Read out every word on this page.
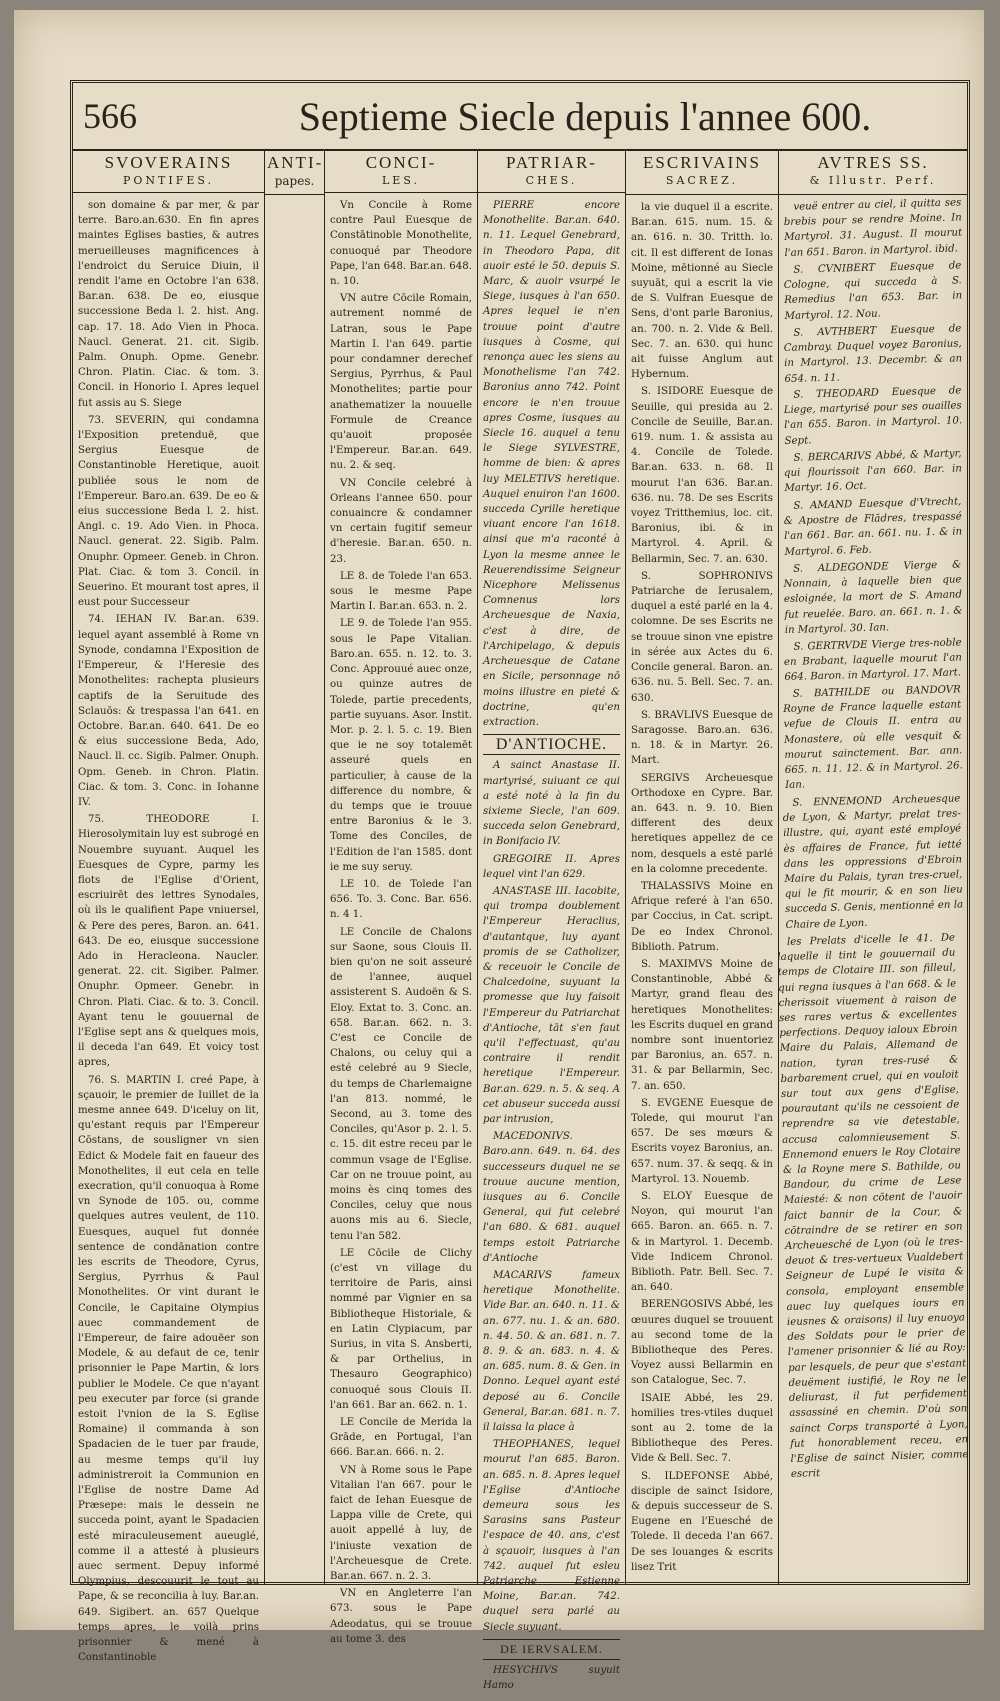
566	Septieme Siecle depuis l'annee 600.
SVOVERAINS
PONTIFES.

son domaine & par mer, & par terre. Baro.an.630. En fin apres maintes Eglises basties, & autres merueilleuses magnificences à l'endroict du Seruice Diuin, il rendit l'ame en Octobre l'an 638. Bar.an. 638. De eo, eiusque successione Beda l. 2. hist. Ang. cap. 17. 18. Ado Vien in Phoca. Naucl. Generat. 21. cit. Sigib. Palm. Onuph. Opme. Genebr. Chron. Platin. Ciac. & tom. 3. Concil. in Honorio I. Apres lequel fut assis au S. Siege

73. SEVERIN, qui condamna l'Exposition pretenduë, que Sergius Euesque de Constantinoble Heretique, auoit publiée sous le nom de l'Empereur. Baro.an. 639. De eo & eius successione Beda l. 2. hist. Angl. c. 19. Ado Vien. in Phoca. Naucl. generat. 22. Sigib. Palm. Onuphr. Opmeer. Geneb. in Chron. Plat. Ciac. & tom 3. Concil. in Seuerino. Et mourant tost apres, il eust pour Successeur

74. IEHAN IV. Bar.an. 639. lequel ayant assemblé à Rome vn Synode, condamna l'Exposition de l'Empereur, & l'Heresie des Monothelites: rachepta plusieurs captifs de la Seruitude des Sclauōs: & trespassa l'an 641. en Octobre. Bar.an. 640. 641. De eo & eius successione Beda, Ado, Naucl. ll. cc. Sigib. Palmer. Onuph. Opm. Geneb. in Chron. Platin. Ciac. & tom. 3. Conc. in Iohanne IV.

75. THEODORE I. Hierosolymitain luy est subrogé en Nouembre suyuant. Auquel les Euesques de Cypre, parmy les flots de l'Eglise d'Orient, escriuirēt des lettres Synodales, où ils le qualifient Pape vniuersel, & Pere des peres, Baron. an. 641. 643. De eo, eiusque successione Ado in Heracleona. Naucler. generat. 22. cit. Sigiber. Palmer. Onuphr. Opmeer. Genebr. in Chron. Plati. Ciac. & to. 3. Concil. Ayant tenu le gouuernal de l'Eglise sept ans & quelques mois, il deceda l'an 649. Et voicy tost apres,

76. S. MARTIN I. creé Pape, à sçauoir, le premier de Iuillet de la mesme annee 649. D'iceluy on lit, qu'estant requis par l'Empereur Cōstans, de sousligner vn sien Edict & Modele fait en faueur des Monothelites, il eut cela en telle execration, qu'il conuoqua à Rome vn Synode de 105. ou, comme quelques autres veulent, de 110. Euesques, auquel fut donnée sentence de condānation contre les escrits de Theodore, Cyrus, Sergius, Pyrrhus & Paul Monothelites. Or vint durant le Concile, le Capitaine Olympius auec commandement de l'Empereur, de faire adouëer son Modele, & au defaut de ce, tenir prisonnier le Pape Martin, & lors publier le Modele. Ce que n'ayant peu executer par force (si grande estoit l'vnion de la S. Eglise Romaine) il commanda à son Spadacien de le tuer par fraude, au mesme temps qu'il luy administreroit la Communion en l'Eglise de nostre Dame Ad Præsepe: mais le dessein ne succeda point, ayant le Spadacien esté miraculeusement aueuglé, comme il a attesté à plusieurs auec serment. Depuy informé Olympius, descouurit le tout au Pape, & se reconcilia à luy. Bar.an. 649. Sigibert. an. 657 Quelque temps apres, le voilà prins prisonnier & mené à Constantinoble

ANTI-
papes.
CONCI-
LES.

Vn Concile à Rome contre Paul Euesque de Constātinoble Monothelite, conuoqué par Theodore Pape, l'an 648. Bar.an. 648. n. 10.

VN autre Cōcile Romain, autrement nommé de Latran, sous le Pape Martin I. l'an 649. partie pour condamner derechef Sergius, Pyrrhus, & Paul Monothelites; partie pour anathematizer la nouuelle Formule de Creance qu'auoit proposée l'Empereur. Bar.an. 649. nu. 2. & seq.

VN Concile celebré à Orleans l'annee 650. pour conuaincre & condamner vn certain fugitif semeur d'heresie. Bar.an. 650. n. 23.

LE 8. de Tolede l'an 653. sous le mesme Pape Martin I. Bar.an. 653. n. 2.

LE 9. de Tolede l'an 955. sous le Pape Vitalian. Baro.an. 655. n. 12. to. 3. Conc. Approuué auec onze, ou quinze autres de Tolede, partie precedents, partie suyuans. Asor. Instit. Mor. p. 2. l. 5. c. 19. Bien que ie ne soy totalemēt asseuré quels en particulier, à cause de la difference du nombre, & du temps que ie trouue entre Baronius & le 3. Tome des Conciles, de l'Edition de l'an 1585. dont ie me suy seruy.

LE 10. de Tolede l'an 656. To. 3. Conc. Bar. 656. n. 4 1.

LE Concile de Chalons sur Saone, sous Clouis II. bien qu'on ne soit asseuré de l'annee, auquel assisterent S. Audoën & S. Eloy. Extat to. 3. Conc. an. 658. Bar.an. 662. n. 3. C'est ce Concile de Chalons, ou celuy qui a esté celebré au 9 Siecle, du temps de Charlemaigne l'an 813. nommé, le Second, au 3. tome des Conciles, qu'Asor p. 2. l. 5. c. 15. dit estre receu par le commun vsage de l'Eglise. Car on ne trouue point, au moins ès cinq tomes des Conciles, celuy que nous auons mis au 6. Siecle, tenu l'an 582.

LE Cōcile de Clichy (c'est vn village du territoire de Paris, ainsi nommé par Vignier en sa Bibliotheque Historiale, & en Latin Clypiacum, par Surius, in vita S. Ansberti, & par Orthelius, in Thesauro Geographico) conuoqué sous Clouis II. l'an 661. Bar an. 662. n. 1.

LE Concile de Merida la Grāde, en Portugal, l'an 666. Bar.an. 666. n. 2.

VN à Rome sous le Pape Vitalian l'an 667. pour le faict de Iehan Euesque de Lappa ville de Crete, qui auoit appellé à luy, de l'iniuste vexation de l'Archeuesque de Crete. Bar.an. 667. n. 2. 3.

VN en Angleterre l'an 673. sous le Pape Adeodatus, qui se trouue au tome 3. des

PATRIAR-
CHES.

PIERRE encore Monothelite. Bar.an. 640. n. 11. Lequel Genebrard, in Theodoro Papa, dit auoir esté le 50. depuis S. Marc, & auoir vsurpé le Siege, iusques à l'an 650. Apres lequel ie n'en trouue point d'autre iusques à Cosme, qui renonça auec les siens au Monothelisme l'an 742. Baronius anno 742. Point encore ie n'en trouue apres Cosme, iusques au Siecle 16. auquel a tenu le Siege SYLVESTRE, homme de bien: & apres luy MELETIVS heretique. Auquel enuiron l'an 1600. succeda Cyrille heretique viuant encore l'an 1618. ainsi que m'a raconté à Lyon la mesme annee le Reuerendissime Seigneur Nicephore Melissenus Comnenus lors Archeuesque de Naxia, c'est à dire, de l'Archipelago, & depuis Archeuesque de Catane en Sicile, personnage nō moins illustre en pieté & doctrine, qu'en extraction.

D'ANTIOCHE.

A sainct Anastase II. martyrisé, suiuant ce qui a esté noté à la fin du sixieme Siecle, l'an 609. succeda selon Genebrard, in Bonifacio IV.

GREGOIRE II. Apres lequel vint l'an 629.

ANASTASE III. Iacobite, qui trompa doublement l'Empereur Heraclius, d'autantque, luy ayant promis de se Catholizer, & receuoir le Concile de Chalcedoine, suyuant la promesse que luy faisoit l'Empereur du Patriarchat d'Antioche, tāt s'en faut qu'il l'effectuast, qu'au contraire il rendit heretique l'Empereur. Bar.an. 629. n. 5. & seq. A cet abuseur succeda aussi par intrusion,

MACEDONIVS. Baro.ann. 649. n. 64. des successeurs duquel ne se trouue aucune mention, iusques au 6. Concile General, qui fut celebré l'an 680. & 681. auquel temps estoit Patriarche d'Antioche

MACARIVS fameux heretique Monothelite. Vide Bar. an. 640. n. 11. & an. 677. nu. 1. & an. 680. n. 44. 50. & an. 681. n. 7. 8. 9. & an. 683. n. 4. & an. 685. num. 8. & Gen. in Donno. Lequel ayant esté deposé au 6. Concile General, Bar.an. 681. n. 7. il laissa la place à

THEOPHANES, lequel mourut l'an 685. Baron. an. 685. n. 8. Apres lequel l'Eglise d'Antioche demeura sous les Sarasins sans Pasteur l'espace de 40. ans, c'est à sçauoir, iusques à l'an 742. auquel fut esleu Patriarche Estienne Moine, Bar.an. 742. duquel sera parlé au Siecle suyuant.

DE IERVSALEM.

HESYCHIVS suyuit Hamo

ESCRIVAINS
SACREZ.

la vie duquel il a escrite. Bar.an. 615. num. 15. & an. 616. n. 30. Tritth. lo. cit. Il est different de Ionas Moine, mētionné au Siecle suyuāt, qui a escrit la vie de S. Vulfran Euesque de Sens, d'ont parle Baronius, an. 700. n. 2. Vide & Bell. Sec. 7. an. 630. qui hunc ait fuisse Anglum aut Hybernum.

S. ISIDORE Euesque de Seuille, qui presida au 2. Concile de Seuille, Bar.an. 619. num. 1. & assista au 4. Concile de Tolede. Bar.an. 633. n. 68. Il mourut l'an 636. Bar.an. 636. nu. 78. De ses Escrits voyez Tritthemius, loc. cit. Baronius, ibi. & in Martyrol. 4. April. & Bellarmin, Sec. 7. an. 630.

S. SOPHRONIVS Patriarche de Ierusalem, duquel a esté parlé en la 4. colomne. De ses Escrits ne se trouue sinon vne epistre in sérée aux Actes du 6. Concile general. Baron. an. 636. nu. 5. Bell. Sec. 7. an. 630.

S. BRAVLIVS Euesque de Saragosse. Baro.an. 636. n. 18. & in Martyr. 26. Mart.

SERGIVS Archeuesque Orthodoxe en Cypre. Bar. an. 643. n. 9. 10. Bien different des deux heretiques appellez de ce nom, desquels a esté parlé en la colomne precedente.

THALASSIVS Moine en Afrique referé à l'an 650. par Coccius, in Cat. script. De eo Index Chronol. Biblioth. Patrum.

S. MAXIMVS Moine de Constantinoble, Abbé & Martyr, grand fleau des heretiques Monothelites: les Escrits duquel en grand nombre sont inuentoriez par Baronius, an. 657. n. 31. & par Bellarmin, Sec. 7. an. 650.

S. EVGENE Euesque de Tolede, qui mourut l'an 657. De ses mœurs & Escrits voyez Baronius, an. 657. num. 37. & seqq. & in Martyrol. 13. Nouemb.

S. ELOY Euesque de Noyon, qui mourut l'an 665. Baron. an. 665. n. 7. & in Martyrol. 1. Decemb. Vide Indicem Chronol. Biblioth. Patr. Bell. Sec. 7. an. 640.

BERENGOSIVS Abbé, les œuures duquel se trouuent au second tome de la Bibliotheque des Peres. Voyez aussi Bellarmin en son Catalogue, Sec. 7.

ISAIE Abbé, les 29. homilies tres-vtiles duquel sont au 2. tome de la Bibliotheque des Peres. Vide & Bell. Sec. 7.

S. ILDEFONSE Abbé, disciple de sainct Isidore, & depuis successeur de S. Eugene en l'Euesché de Tolede. Il deceda l'an 667. De ses louanges & escrits lisez Trit

AVTRES SS.
& Illustr. Perf.

veuë entrer au ciel, il quitta ses brebis pour se rendre Moine. In Martyrol. 31. August. Il mourut l'an 651. Baron. in Martyrol. ibid.

S. CVNIBERT Euesque de Cologne, qui succeda à S. Remedius l'an 653. Bar. in Martyrol. 12. Nou.

S. AVTHBERT Euesque de Cambray. Duquel voyez Baronius, in Martyrol. 13. Decembr. & an 654. n. 11.

S. THEODARD Euesque de Liege, martyrisé pour ses ouailles l'an 655. Baron. in Martyrol. 10. Sept.

S. BERCARIVS Abbé, & Martyr, qui flourissoit l'an 660. Bar. in Martyr. 16. Oct.

S. AMAND Euesque d'Vtrecht, & Apostre de Flādres, trespassé l'an 661. Bar. an. 661. nu. 1. & in Martyrol. 6. Feb.

S. ALDEGONDE Vierge & Nonnain, à laquelle bien que esloignée, la mort de S. Amand fut reuelée. Baro. an. 661. n. 1. & in Martyrol. 30. Ian.

S. GERTRVDE Vierge tres-noble en Brabant, laquelle mourut l'an 664. Baron. in Martyrol. 17. Mart.

S. BATHILDE ou BANDOVR Royne de France laquelle estant vefue de Clouis II. entra au Monastere, où elle vesquit & mourut sainctement. Bar. ann. 665. n. 11. 12. & in Martyrol. 26. Ian.

S. ENNEMOND Archeuesque de Lyon, & Martyr, prelat tres-illustre, qui, ayant esté employé ès affaires de France, fut ietté dans les oppressions d'Ebroin Maire du Palais, tyran tres-cruel, qui le fit mourir, & en son lieu succeda S. Genis, mentionné en la Chaire de Lyon.

les Prelats d'icelle le 41. De laquelle il tint le gouuernail du temps de Clotaire III. son filleul, qui regna iusques à l'an 668. & le cherissoit viuement à raison de ses rares vertus & excellentes perfections. Dequoy ialoux Ebroin Maire du Palais, Allemand de nation, tyran tres-rusé & barbarement cruel, qui en vouloit sur tout aux gens d'Eglise, pourautant qu'ils ne cessoient de reprendre sa vie detestable, accusa calomnieusement S. Ennemond enuers le Roy Clotaire & la Royne mere S. Bathilde, ou Bandour, du crime de Lese Maiesté: & non cōtent de l'auoir faict bannir de la Cour, & cōtraindre de se retirer en son Archeuesché de Lyon (où le tres-deuot & tres-vertueux Vualdebert Seigneur de Lupé le visita & consola, employant ensemble auec luy quelques iours en ieusnes & oraisons) il luy enuoya des Soldats pour le prier de l'amener prisonnier & lié au Roy: par lesquels, de peur que s'estant deuëment iustifié, le Roy ne le deliurast, il fut perfidement assassiné en chemin. D'où son sainct Corps transporté à Lyon, fut honorablement receu, en l'Eglise de sainct Nisier, comme escrit
